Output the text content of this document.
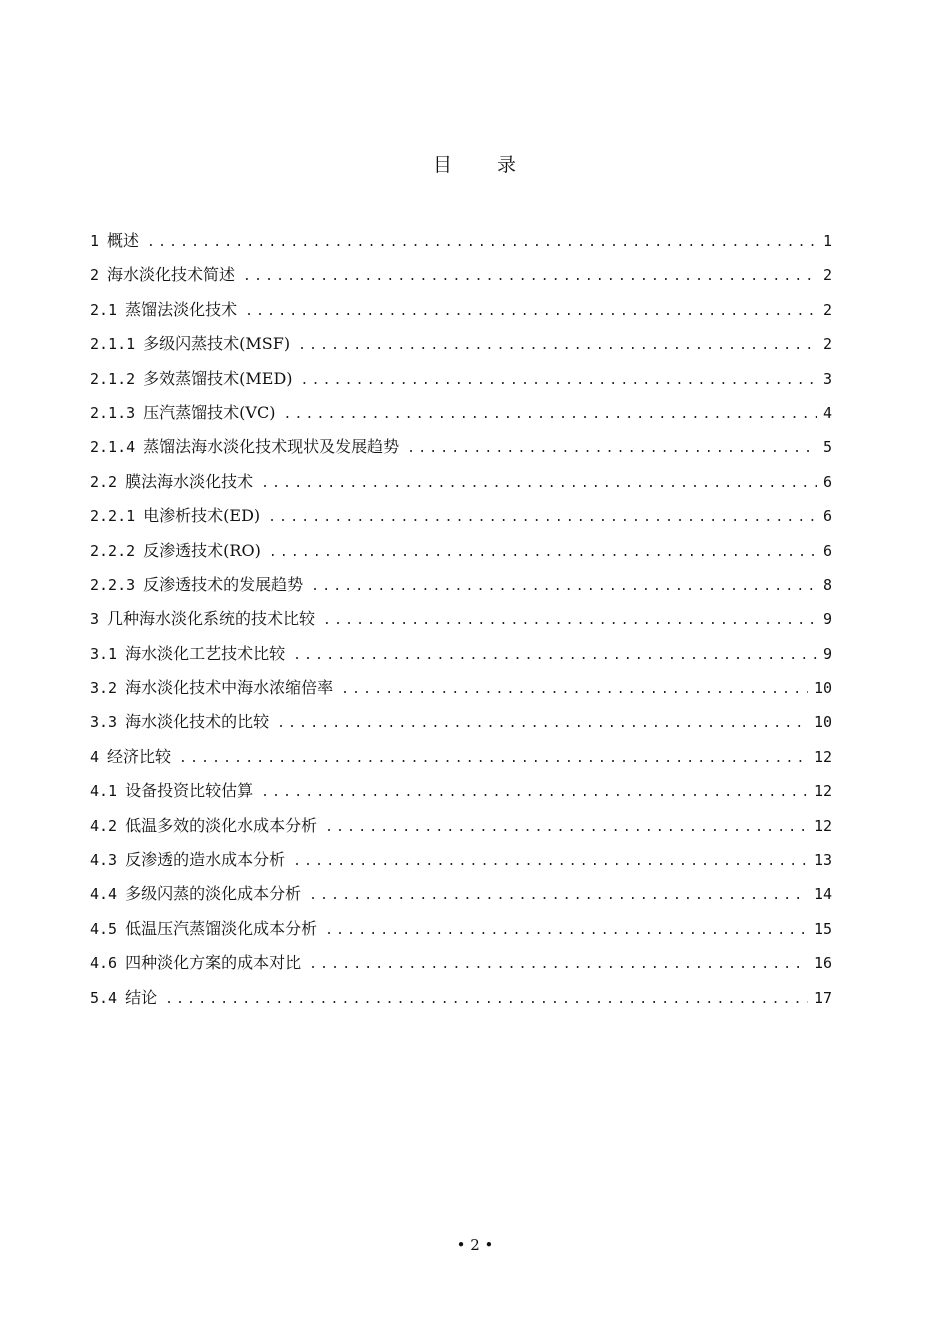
目 录
1 概述 .....	1
2 海水淡化技术简述 .....	2
2.1 蒸馏法淡化技术 .....	2
2.1.1 多级闪蒸技术(MSF) .....	2
2.1.2 多效蒸馏技术(MED) .....	3
2.1.3 压汽蒸馏技术(VC) .....	4
2.1.4 蒸馏法海水淡化技术现状及发展趋势 .....	5
2.2 膜法海水淡化技术 .....	6
2.2.1 电渗析技术(ED) .....	6
2.2.2 反渗透技术(RO) .....	6
2.2.3 反渗透技术的发展趋势 .....	8
3 几种海水淡化系统的技术比较 .....	9
3.1 海水淡化工艺技术比较 .....	9
3.2 海水淡化技术中海水浓缩倍率 .....	10
3.3 海水淡化技术的比较 .....	10
4 经济比较 .....	12
4.1 设备投资比较估算 .....	12
4.2 低温多效的淡化水成本分析 .....	12
4.3 反渗透的造水成本分析 .....	13
4.4 多级闪蒸的淡化成本分析 .....	14
4.5 低温压汽蒸馏淡化成本分析 .....	15
4.6 四种淡化方案的成本对比 .....	16
5.4 结论 .....	17
• 2 •
